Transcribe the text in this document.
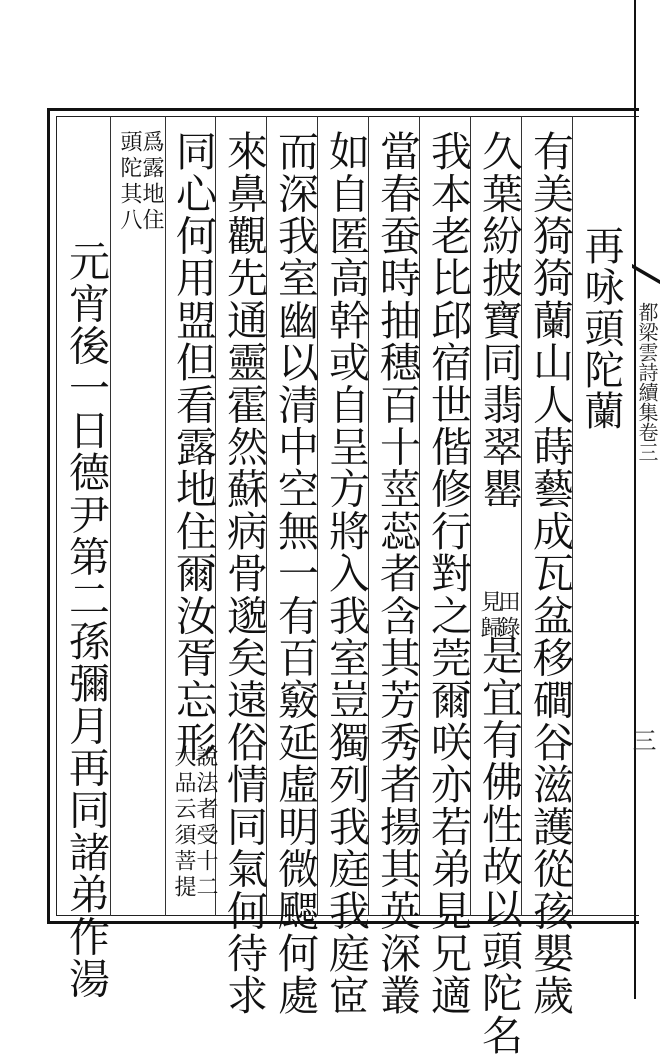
都梁雲詩續集卷三
三
再咏頭陀蘭
有美猗猗蘭山人蒔藝成瓦盆移磵谷滋護從孩嬰歲
久葉紛披寶同翡翠罌
見歸
田錄
是宜有佛性故以頭陀名
我本老比邱宿世偕修行對之莞爾咲亦若弟見兄適
當春蚕時抽穗百十莖蕊者含其芳秀者揚其英深叢
如自匿高幹或自呈方將入我室豈獨列我庭我庭宧
而深我室幽以清中空無一有百竅延虛明微颸何處
來鼻觀先通靈霍然蘇病骨邈矣遠俗情同氣何待求
同心何用盟但看露地住爾汝胥忘形
大品云須菩提
說法者受十二
頭陀其八
爲露地住
元宵後一日德尹第二孫彌月再同諸弟作湯
